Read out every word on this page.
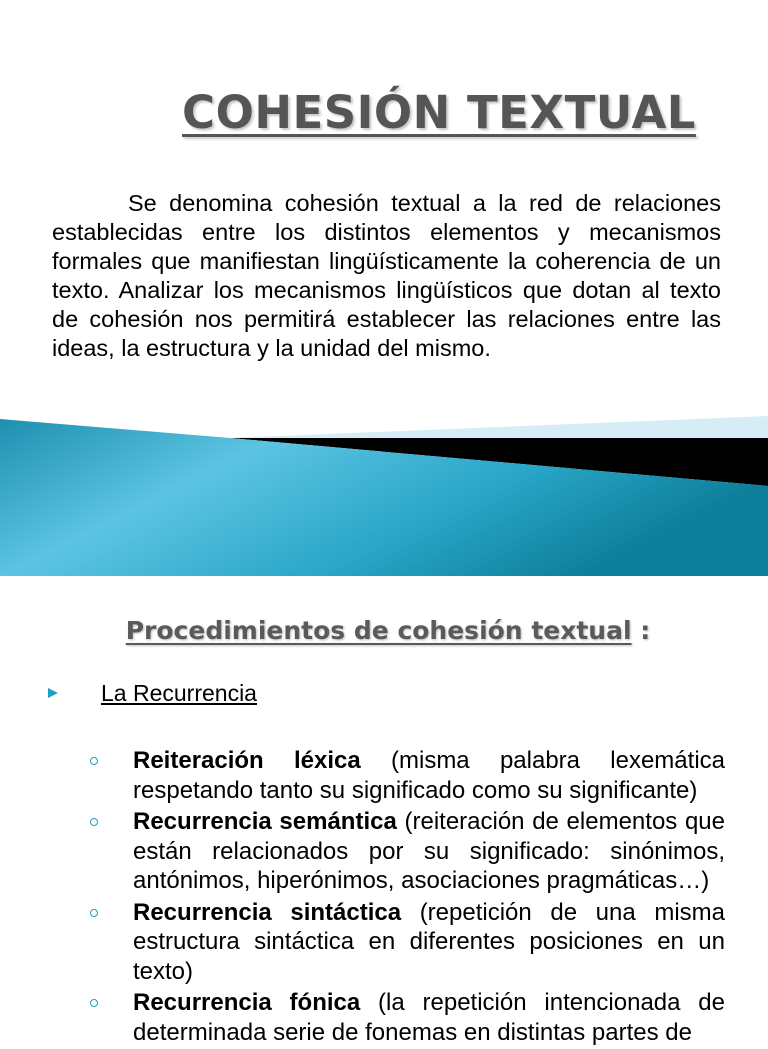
COHESIÓN TEXTUAL

Se denomina cohesión textual a la red de relaciones establecidas entre los distintos elementos y mecanismos formales que manifiestan lingüísticamente la coherencia de un texto. Analizar los mecanismos lingüísticos que dotan al texto de cohesión nos permitirá establecer las relaciones entre las ideas, la estructura y la unidad del mismo.

Procedimientos de cohesión textual :
La Recurrencia
Reiteración léxica (misma palabra lexemática respetando tanto su significado como su significante)
Recurrencia semántica (reiteración de elementos que están relacionados por su significado: sinónimos, antónimos, hiperónimos, asociaciones pragmáticas…)
Recurrencia sintáctica (repetición de una misma estructura sintáctica en diferentes posiciones en un texto)
Recurrencia fónica (la repetición intencionada de determinada serie de fonemas en distintas partes de
